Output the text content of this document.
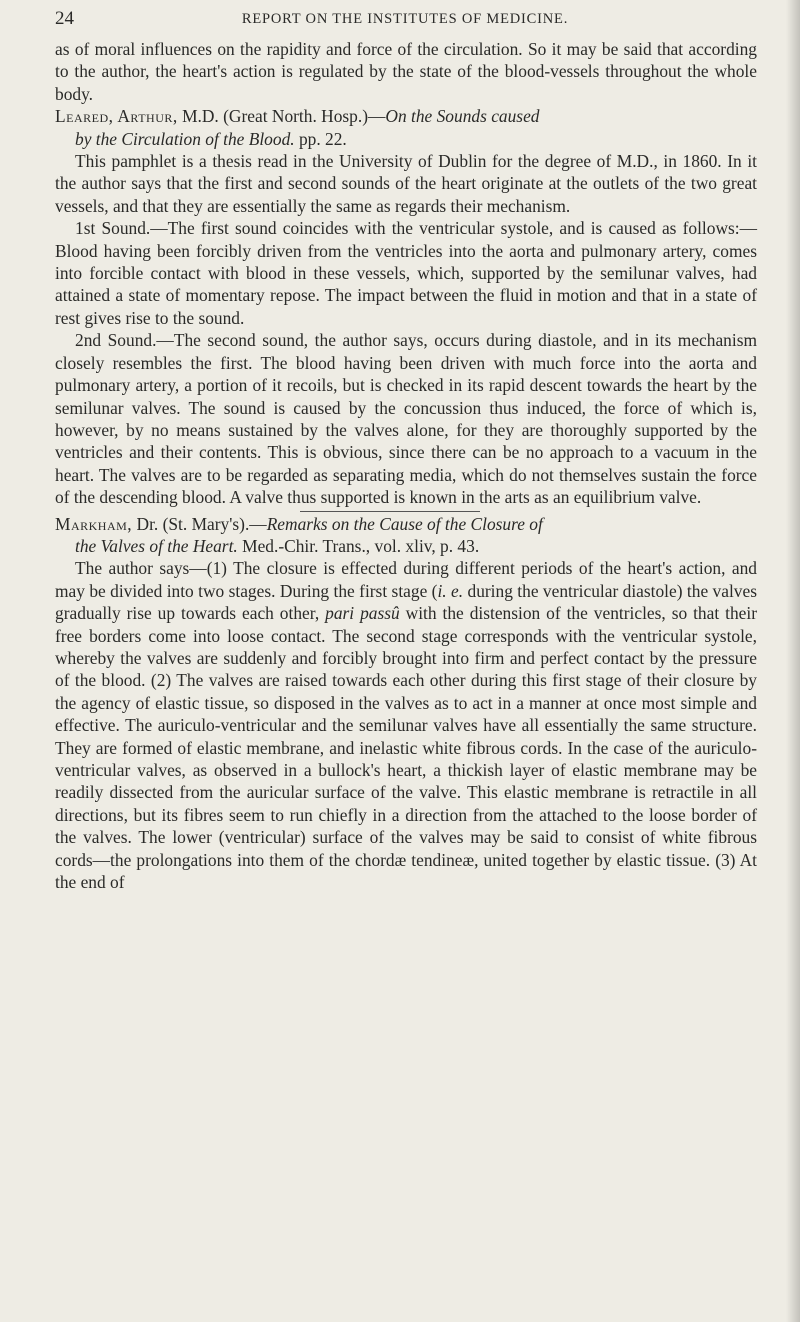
24	REPORT ON THE INSTITUTES OF MEDICINE.

as of moral influences on the rapidity and force of the circulation. So it may be said that according to the author, the heart's action is regulated by the state of the blood-vessels throughout the whole body.

Leared, Arthur, M.D. (Great North. Hosp.)—On the Sounds caused
by the Circulation of the Blood. pp. 22.

This pamphlet is a thesis read in the University of Dublin for the degree of M.D., in 1860. In it the author says that the first and second sounds of the heart originate at the outlets of the two great vessels, and that they are essentially the same as regards their mechanism.

1st Sound.—The first sound coincides with the ventricular systole, and is caused as follows:—Blood having been forcibly driven from the ventricles into the aorta and pulmonary artery, comes into forcible contact with blood in these vessels, which, supported by the semilunar valves, had attained a state of momentary repose. The impact between the fluid in motion and that in a state of rest gives rise to the sound.

2nd Sound.—The second sound, the author says, occurs during diastole, and in its mechanism closely resembles the first. The blood having been driven with much force into the aorta and pulmonary artery, a portion of it recoils, but is checked in its rapid descent towards the heart by the semilunar valves. The sound is caused by the concussion thus induced, the force of which is, however, by no means sustained by the valves alone, for they are thoroughly supported by the ventricles and their contents. This is obvious, since there can be no approach to a vacuum in the heart. The valves are to be regarded as separating media, which do not themselves sustain the force of the descending blood. A valve thus supported is known in the arts as an equilibrium valve.

Markham, Dr. (St. Mary's).—Remarks on the Cause of the Closure of
the Valves of the Heart. Med.-Chir. Trans., vol. xliv, p. 43.

The author says—(1) The closure is effected during different periods of the heart's action, and may be divided into two stages. During the first stage (i. e. during the ventricular diastole) the valves gradually rise up towards each other, pari passû with the distension of the ventricles, so that their free borders come into loose contact. The second stage corresponds with the ventricular systole, whereby the valves are suddenly and forcibly brought into firm and perfect contact by the pressure of the blood. (2) The valves are raised towards each other during this first stage of their closure by the agency of elastic tissue, so disposed in the valves as to act in a manner at once most simple and effective. The auriculo-ventricular and the semilunar valves have all essentially the same structure. They are formed of elastic membrane, and inelastic white fibrous cords. In the case of the auriculo-ventricular valves, as observed in a bullock's heart, a thickish layer of elastic membrane may be readily dissected from the auricular surface of the valve. This elastic membrane is retractile in all directions, but its fibres seem to run chiefly in a direction from the attached to the loose border of the valves. The lower (ventricular) surface of the valves may be said to consist of white fibrous cords—the prolongations into them of the chordæ tendineæ, united together by elastic tissue. (3) At the end of
